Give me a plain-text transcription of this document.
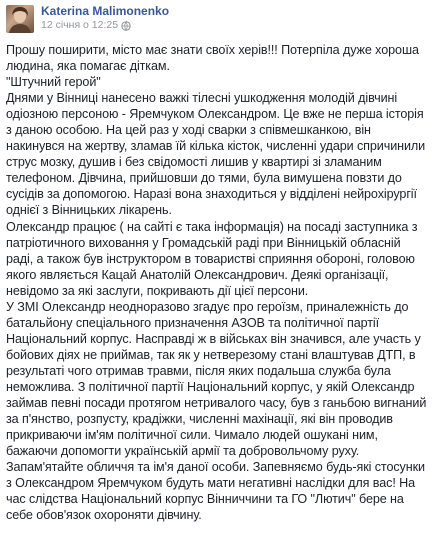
Katerina Malimonenko
12 січня о 12:25
Прошу поширити, місто має знати своїх херів!!! Потерпіла дуже хороша
людина, яка помагає діткам.
"Штучний герой"
Днями у Вінниці нанесено важкі тілесні ушкодження молодій дівчині
одіозною персоною - Яремчуком Олександром. Це вже не перша історія
з даною особою. На цей раз у ході сварки з співмешканкою, він
накинувся на жертву, зламав їй кілька кісток, численні удари спричинили
струс мозку, душив і без свідомості лишив у квартирі зі зламаним
телефоном. Дівчина, прийшовши до тями, була вимушена повзти до
сусідів за допомогою. Наразі вона знаходиться у відділені нейрохірургії
однієї з Вінницьких лікарень.
Олександр працює ( на сайті є така інформація) на посаді заступника з
патріотичного виховання у Громадській раді при Вінницькій обласній
раді, а також був інструктором в товаристві сприяння обороні, головою
якого являється Кацай Анатолій Олександрович. Деякі організації,
невідомо за які заслуги, покривають дії цієї персони.
У ЗМІ Олександр неодноразово згадує про героїзм, приналежність до
батальйону спеціального призначення АЗОВ та політичної партії
Національний корпус. Насправді ж в військах він значився, але участь у
бойових діях не приймав, так як у нетверезому стані влаштував ДТП, в
результаті чого отримав травми, після яких подальша служба була
неможлива. З політичної партії Національний корпус, у якій Олександр
займав певні посади протягом нетривалого часу, був з ганьбою вигнаний
за п'янство, розпусту, крадіжки, численні махінації, які він проводив
прикриваючи ім'ям політичної сили. Чимало людей ошукані ним,
бажаючи допомогти українській армії та добровольчому руху.
Запам'ятайте обличчя та ім'я даної особи. Запевняємо будь-які стосунки
з Олександром Яремчуком будуть мати негативні наслідки для вас! На
час слідства Національний корпус Вінниччини та ГО "Лютич" бере на
себе обов'язок охороняти дівчину.
